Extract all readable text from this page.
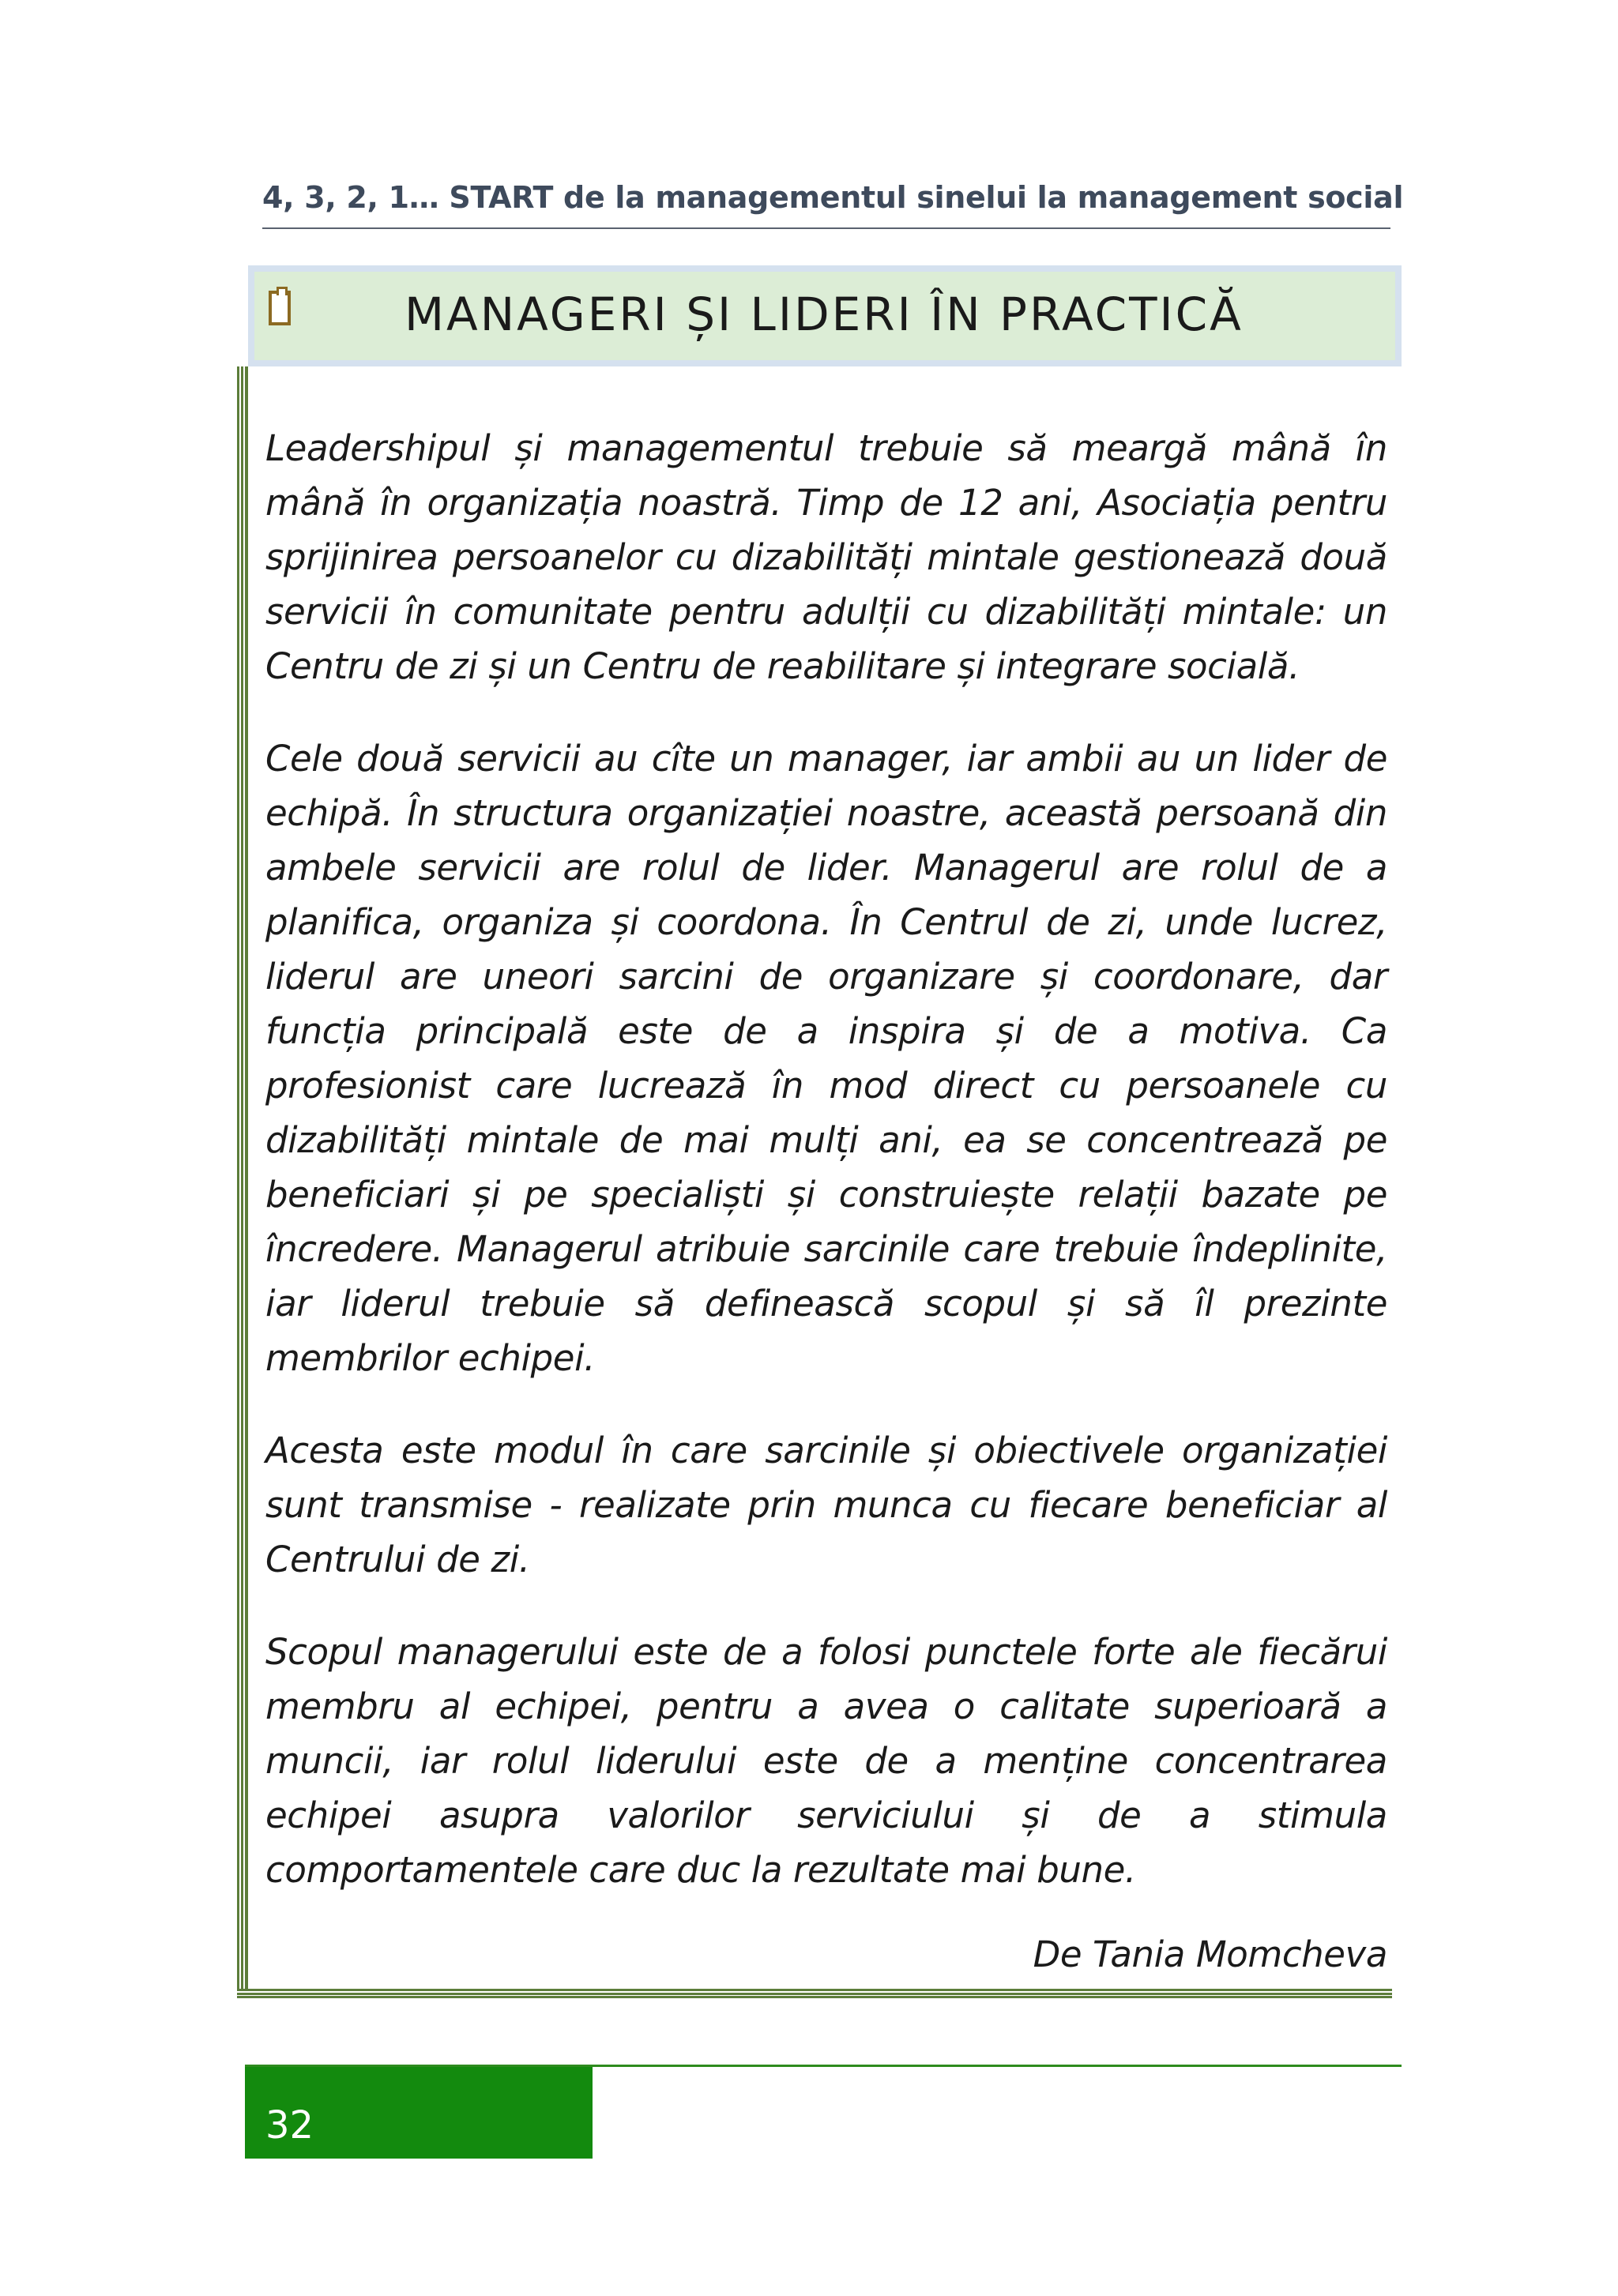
4, 3, 2, 1… START de la managementul sinelui la management social
MANAGERI ȘI LIDERI ÎN PRACTICĂ

Leadershipul și managementul trebuie să meargă mână în mână în organizația noastră. Timp de 12 ani, Asociația pentru sprijinirea persoanelor cu dizabilități mintale gestionează două servicii în comunitate pentru adulții cu dizabilități mintale: un Centru de zi și un Centru de reabilitare și integrare socială.

Cele două servicii au cîte un manager, iar ambii au un lider de echipă. În structura organizației noastre, această persoană din ambele servicii are rolul de lider. Managerul are rolul de a planifica, organiza și coordona. În Centrul de zi, unde lucrez, liderul are uneori sarcini de organizare și coordonare, dar funcția principală este de a inspira și de a motiva. Ca profesionist care lucrează în mod direct cu persoanele cu dizabilități mintale de mai mulți ani, ea se concentrează pe beneficiari și pe specialiști și construiește relații bazate pe încredere. Managerul atribuie sarcinile care trebuie îndeplinite, iar liderul trebuie să definească scopul și să îl prezinte membrilor echipei.

Acesta este modul în care sarcinile și obiectivele organizației sunt transmise - realizate prin munca cu fiecare beneficiar al Centrului de zi.

Scopul managerului este de a folosi punctele forte ale fiecărui membru al echipei, pentru a avea o calitate superioară a muncii, iar rolul liderului este de a menține concentrarea echipei asupra valorilor serviciului și de a stimula comportamentele care duc la rezultate mai bune.

De Tania Momcheva
32
